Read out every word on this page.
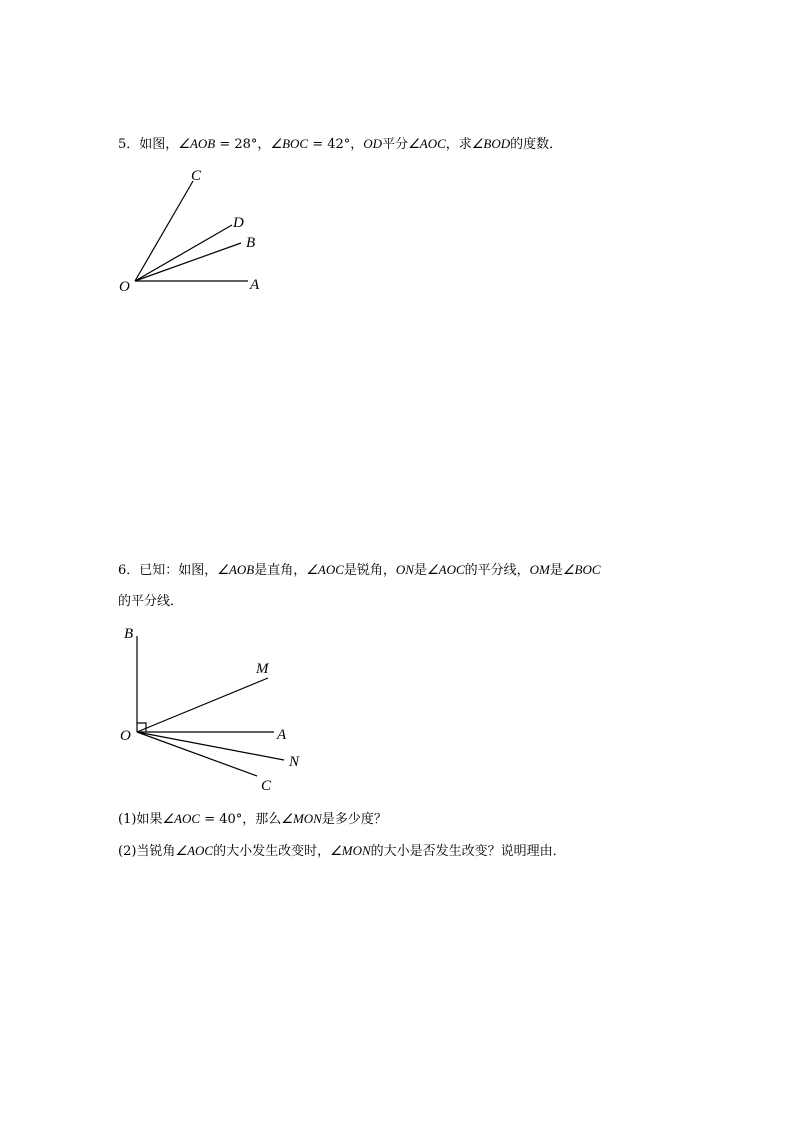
5．如图，∠AOB = 28°，∠BOC = 42°，OD平分∠AOC，求∠BOD的度数．
C
D
B
O	A
B
M
O	A
N
C
6．已知：如图，∠AOB是直角，∠AOC是锐角，ON是∠AOC的平分线，OM是∠BOC
的平分线．
(1)如果∠AOC = 40°，那么∠MON是多少度？
(2)当锐角∠AOC的大小发生改变时，∠MON的大小是否发生改变？说明理由．
